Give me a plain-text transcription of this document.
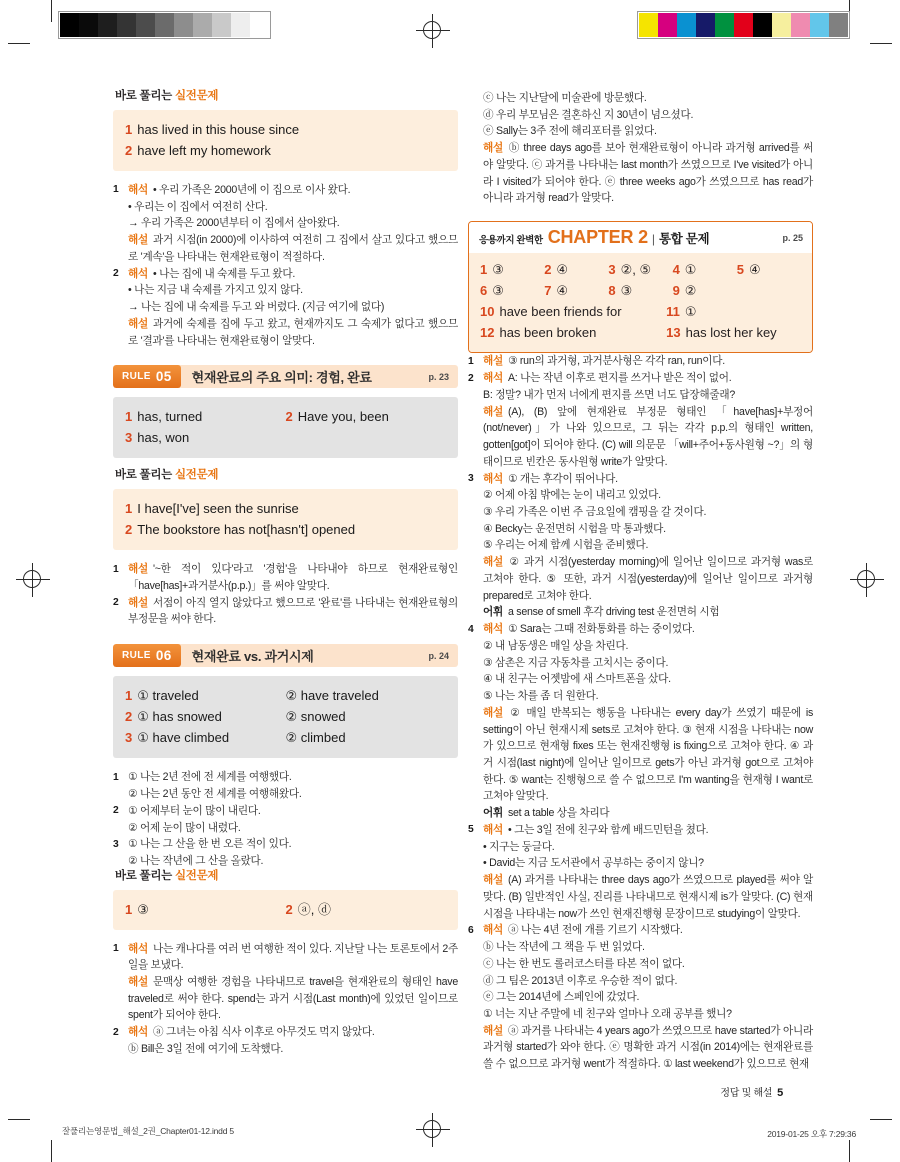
바로 풀리는 실전문제
1 has lived in this house since
2 have left my homework
1 해석 • 우리 가족은 2000년에 이 집으로 이사 왔다.

• 우리는 이 집에서 여전히 산다.

→ 우리 가족은 2000년부터 이 집에서 살아왔다.

해설 과거 시점(in 2000)에 이사하여 여전히 그 집에서 살고 있다고 했으므로 '계속'을 나타내는 현재완료형이 적절하다.

2 해석 • 나는 집에 내 숙제를 두고 왔다.

• 나는 지금 내 숙제를 가지고 있지 않다.

→ 나는 집에 내 숙제를 두고 와 버렸다. (지금 여기에 없다)

해설 과거에 숙제를 집에 두고 왔고, 현재까지도 그 숙제가 없다고 했으므로 '결과'를 나타내는 현재완료형이 알맞다.

RULE 05	현재완료의 주요 의미: 경험, 완료	p. 23
1 has, turned	2 Have you, been
3 has, won
바로 풀리는 실전문제
1 I have[I've] seen the sunrise
2 The bookstore has not[hasn't] opened
1 해설 '~한 적이 있다'라고 '경험'을 나타내야 하므로 현재완료형인 「have[has]+과거분사(p.p.)」를 써야 알맞다.

2 해설 서점이 아직 열지 않았다고 했으므로 '완료'를 나타내는 현재완료형의 부정문을 써야 한다.

RULE 06	현재완료 vs. 과거시제	p. 24
1 ① traveled	② have traveled
2 ① has snowed	② snowed
3 ① have climbed	② climbed
1 ① 나는 2년 전에 전 세계를 여행했다.

② 나는 2년 동안 전 세계를 여행해왔다.

2 ① 어제부터 눈이 많이 내린다.

② 어제 눈이 많이 내렸다.

3 ① 나는 그 산을 한 번 오른 적이 있다.

② 나는 작년에 그 산을 올랐다.

바로 풀리는 실전문제
1 ③	2 ⓐ, ⓓ
1 해석 나는 캐나다를 여러 번 여행한 적이 있다. 지난달 나는 토론토에서 2주일을 보냈다.

해설 문맥상 여행한 경험을 나타내므로 travel을 현재완료의 형태인 have traveled로 써야 한다. spend는 과거 시점(Last month)에 있었던 일이므로 spent가 되어야 한다.

2 해석 ⓐ 그녀는 아침 식사 이후로 아무것도 먹지 않았다.

ⓑ Bill은 3일 전에 여기에 도착했다.

ⓒ 나는 지난달에 미술관에 방문했다.

ⓓ 우리 부모님은 결혼하신 지 30년이 넘으셨다.

ⓔ Sally는 3주 전에 해리포터를 읽었다.

해설 ⓑ three days ago를 보아 현재완료형이 아니라 과거형 arrived를 써야 알맞다. ⓒ 과거를 나타내는 last month가 쓰였으므로 I've visited가 아니라 I visited가 되어야 한다. ⓔ three weeks ago가 쓰였으므로 has read가 아니라 과거형 read가 알맞다.

응용까지 완벽한 CHAPTER 2 | 통합 문제	p. 25
1 ③	2 ④	3 ②, ⑤ 4 ①	5 ④
6 ③	7 ④	8 ③	9 ②
10 have been friends for	11 ①
12 has been broken	13 has lost her key
1 해설 ③ run의 과거형, 과거분사형은 각각 ran, run이다.

2 해석 A: 나는 작년 이후로 편지를 쓰거나 받은 적이 없어.

B: 정말? 내가 먼저 너에게 편지를 쓰면 너도 답장해줄래?

해설 (A), (B) 앞에 현재완료 부정문 형태인 「have[has]+부정어(not/never)」가 나와 있으므로, 그 뒤는 각각 p.p.의 형태인 written, gotten[got]이 되어야 한다. (C) will 의문문 「will+주어+동사원형 ~?」의 형태이므로 빈칸은 동사원형 write가 알맞다.

3 해석 ① 개는 후각이 뛰어나다.

② 어제 아침 밖에는 눈이 내리고 있었다.

③ 우리 가족은 이번 주 금요일에 캠핑을 갈 것이다.

④ Becky는 운전면허 시험을 막 통과했다.

⑤ 우리는 어제 함께 시험을 준비했다.

해설 ② 과거 시점(yesterday morning)에 일어난 일이므로 과거형 was로 고쳐야 한다. ⑤ 또한, 과거 시점(yesterday)에 일어난 일이므로 과거형 prepared로 고쳐야 한다.

어휘 a sense of smell 후각 driving test 운전면허 시험

4 해석 ① Sara는 그때 전화통화를 하는 중이었다.

② 내 남동생은 매일 상을 차린다.

③ 삼촌은 지금 자동차를 고치시는 중이다.

④ 내 친구는 어젯밤에 새 스마트폰을 샀다.

⑤ 나는 차를 좀 더 원한다.

해설 ② 매일 반복되는 행동을 나타내는 every day가 쓰였기 때문에 is setting이 아닌 현재시제 sets로 고쳐야 한다. ③ 현재 시점을 나타내는 now가 있으므로 현재형 fixes 또는 현재진행형 is fixing으로 고쳐야 한다. ④ 과거 시점(last night)에 일어난 일이므로 gets가 아닌 과거형 got으로 고쳐야 한다. ⑤ want는 진행형으로 쓸 수 없으므로 I'm wanting을 현재형 I want로 고쳐야 알맞다.

어휘 set a table 상을 차리다

5 해석 • 그는 3일 전에 친구와 함께 배드민턴을 쳤다.

• 지구는 둥글다.

• David는 지금 도서관에서 공부하는 중이지 않니?

해설 (A) 과거를 나타내는 three days ago가 쓰였으므로 played를 써야 알맞다. (B) 일반적인 사실, 진리를 나타내므로 현재시제 is가 알맞다. (C) 현재 시점을 나타내는 now가 쓰인 현재진행형 문장이므로 studying이 알맞다.

6 해석 ⓐ 나는 4년 전에 개를 기르기 시작했다.

ⓑ 나는 작년에 그 책을 두 번 읽었다.

ⓒ 나는 한 번도 롤러코스터를 타본 적이 없다.

ⓓ 그 팀은 2013년 이후로 우승한 적이 없다.

ⓔ 그는 2014년에 스페인에 갔었다.

① 너는 지난 주말에 네 친구와 얼마나 오래 공부를 했니?

해설 ⓐ 과거를 나타내는 4 years ago가 쓰였으므로 have started가 아니라 과거형 started가 와야 한다. ⓔ 명확한 과거 시점(in 2014)에는 현재완료를 쓸 수 없으므로 과거형 went가 적절하다. ① last weekend가 있으므로 현재

정답 및 해설 5
잘풀리는영문법_해설_2권_Chapter01-12.indd 5	2019-01-25 오후 7:29:36
